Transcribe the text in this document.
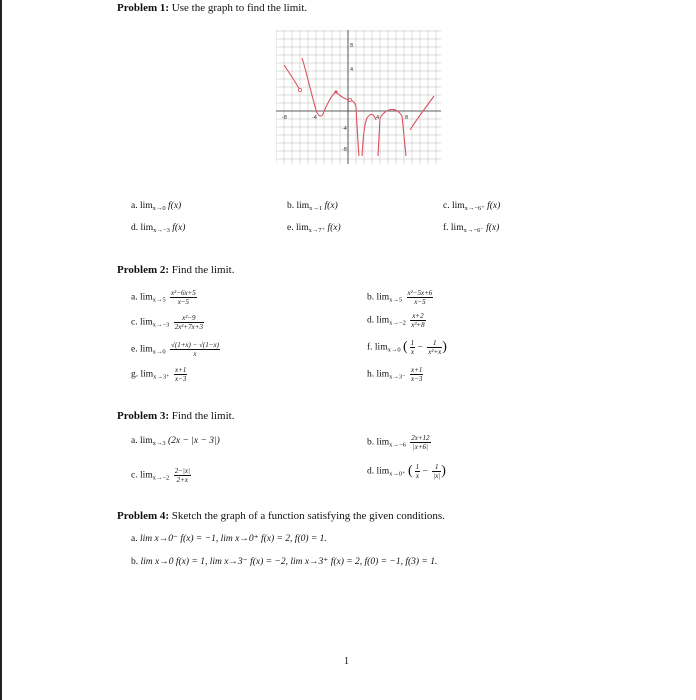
Problem 1: Use the graph to find the limit.
8
4
-4
-8
-8	-4	4	8
a. $\lim_{x\to 0} f(x)$	b. $\lim_{x\to 1} f(x)$	c. $\lim_{x\to-6^+} f(x)$
d. $\lim_{x\to-3} f(x)$	e. $\lim_{x\to 7^+} f(x)$	f. $\lim_{x\to-6^-} f(x)$
Problem 2: Find the limit.
a. $\lim_{x\to 5} \frac{\text{x²−6x+5}}{x-5}$	b. $\lim_{x\to 5} \frac{\text{x²−5x+6}}{x-5}$
c. $\lim_{x\to-3} \frac{\text{x²−9}}{\text{2x²+7x+3}}$	d. $\lim_{x\to-2} \frac{x+2}{\text{x³+8}}$
e. $\lim_{x\to 0} \frac{√(1+x) - √(1-x)}{x}$	f. $\lim_{x\to 0}$ ( $\frac{1}{x} - \frac{1}{\text{x²+x}}$ )
g. $\lim_{x\to 3^+} \frac{x+1}{x-3}$	h. $\lim_{x\to 3^-} \frac{x+1}{x-3}$
Problem 3: Find the limit.
a. $\lim_{x\to 3} (2x - |x - 3|)$	b. $\lim_{x\to-6} \frac{2x+12}{|x+6|}$
c. $\lim_{x\to-2} \frac{2-|x|}{2+x}$	d. $\lim_{x\to 0^+}$ ( $\frac{1}{x} - \frac{1}{|x|}$ )
Problem 4: Sketch the graph of a function satisfying the given conditions.
a. lim x→0⁻ f(x) = −1, lim x→0⁺ f(x) = 2, f(0) = 1.
b. lim x→0 f(x) = 1, lim x→3⁻ f(x) = −2, lim x→3⁺ f(x) = 2, f(0) = −1, f(3) = 1.
1
